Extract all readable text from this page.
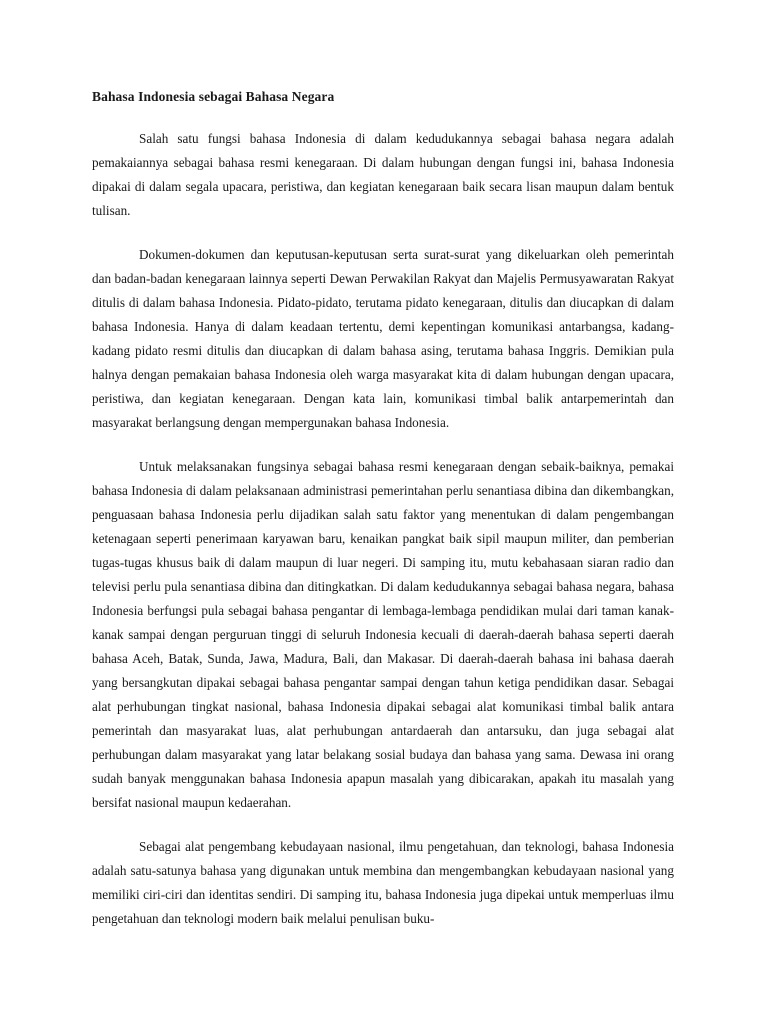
Bahasa Indonesia sebagai Bahasa Negara

Salah satu fungsi bahasa Indonesia di dalam kedudukannya sebagai bahasa negara adalah pemakaiannya sebagai bahasa resmi kenegaraan. Di dalam hubungan dengan fungsi ini, bahasa Indonesia dipakai di dalam segala upacara, peristiwa, dan kegiatan kenegaraan baik secara lisan maupun dalam bentuk tulisan.

Dokumen-dokumen dan keputusan-keputusan serta surat-surat yang dikeluarkan oleh pemerintah dan badan-badan kenegaraan lainnya seperti Dewan Perwakilan Rakyat dan Majelis Permusyawaratan Rakyat ditulis di dalam bahasa Indonesia. Pidato-pidato, terutama pidato kenegaraan, ditulis dan diucapkan di dalam bahasa Indonesia. Hanya di dalam keadaan tertentu, demi kepentingan komunikasi antarbangsa, kadang-kadang pidato resmi ditulis dan diucapkan di dalam bahasa asing, terutama bahasa Inggris. Demikian pula halnya dengan pemakaian bahasa Indonesia oleh warga masyarakat kita di dalam hubungan dengan upacara, peristiwa, dan kegiatan kenegaraan. Dengan kata lain, komunikasi timbal balik antarpemerintah dan masyarakat berlangsung dengan mempergunakan bahasa Indonesia.

Untuk melaksanakan fungsinya sebagai bahasa resmi kenegaraan dengan sebaik-baiknya, pemakai bahasa Indonesia di dalam pelaksanaan administrasi pemerintahan perlu senantiasa dibina dan dikembangkan, penguasaan bahasa Indonesia perlu dijadikan salah satu faktor yang menentukan di dalam pengembangan ketenagaan seperti penerimaan karyawan baru, kenaikan pangkat baik sipil maupun militer, dan pemberian tugas-tugas khusus baik di dalam maupun di luar negeri. Di samping itu, mutu kebahasaan siaran radio dan televisi perlu pula senantiasa dibina dan ditingkatkan. Di dalam kedudukannya sebagai bahasa negara, bahasa Indonesia berfungsi pula sebagai bahasa pengantar di lembaga-lembaga pendidikan mulai dari taman kanak-kanak sampai dengan perguruan tinggi di seluruh Indonesia kecuali di daerah-daerah bahasa seperti daerah bahasa Aceh, Batak, Sunda, Jawa, Madura, Bali, dan Makasar. Di daerah-daerah bahasa ini bahasa daerah yang bersangkutan dipakai sebagai bahasa pengantar sampai dengan tahun ketiga pendidikan dasar. Sebagai alat perhubungan tingkat nasional, bahasa Indonesia dipakai sebagai alat komunikasi timbal balik antara pemerintah dan masyarakat luas, alat perhubungan antardaerah dan antarsuku, dan juga sebagai alat perhubungan dalam masyarakat yang latar belakang sosial budaya dan bahasa yang sama. Dewasa ini orang sudah banyak menggunakan bahasa Indonesia apapun masalah yang dibicarakan, apakah itu masalah yang bersifat nasional maupun kedaerahan.

Sebagai alat pengembang kebudayaan nasional, ilmu pengetahuan, dan teknologi, bahasa Indonesia adalah satu-satunya bahasa yang digunakan untuk membina dan mengembangkan kebudayaan nasional yang memiliki ciri-ciri dan identitas sendiri. Di samping itu, bahasa Indonesia juga dipekai untuk memperluas ilmu pengetahuan dan teknologi modern baik melalui penulisan buku-
